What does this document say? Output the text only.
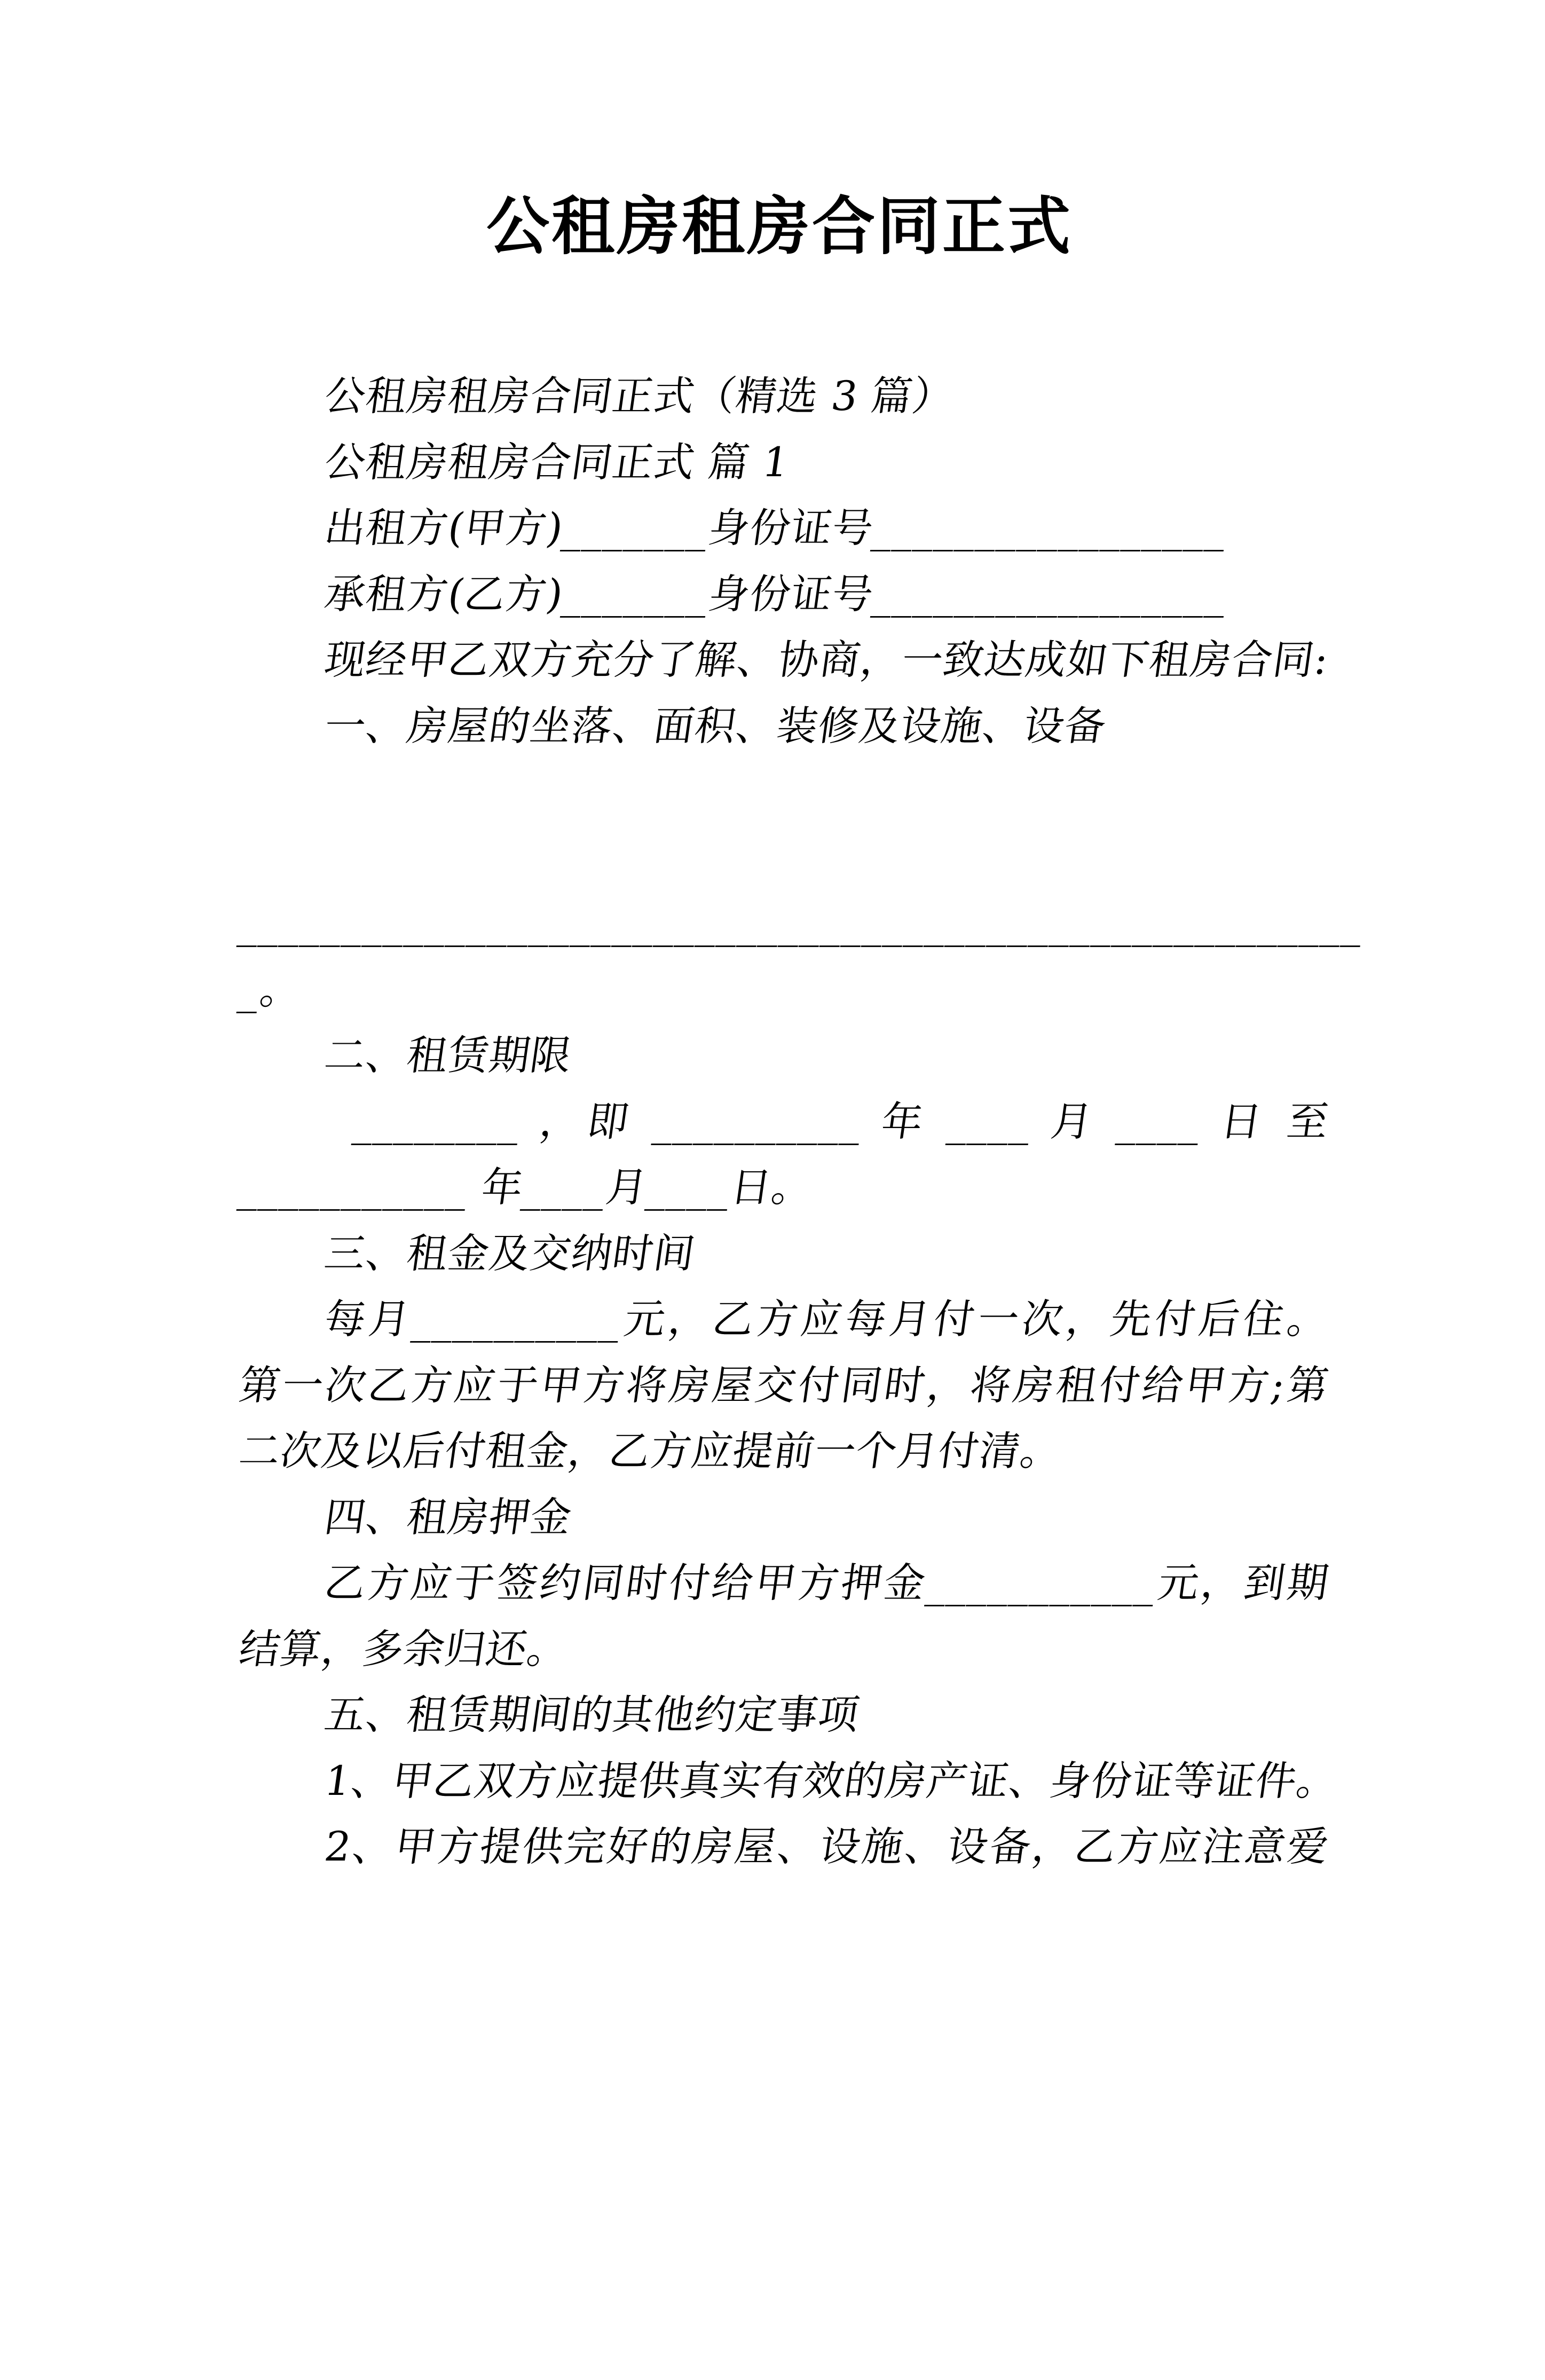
公租房租房合同正式
公租房租房合同正式（精选 3 篇）
公租房租房合同正式 篇 1
出租方(甲方)_______身份证号_________________
承租方(乙方)_______身份证号_________________
现经甲乙双方充分了解、协商，一致达成如下租房合同:
一、房屋的坐落、面积、装修及设施、设备
______________________________________________________
_。
二、租赁期限
________ ，即 __________ 年 ____ 月 ____ 日 至
___________ 年____月____日。
三、租金及交纳时间
每月__________元，乙方应每月付一次，先付后住。
第一次乙方应于甲方将房屋交付同时，将房租付给甲方;第
二次及以后付租金，乙方应提前一个月付清。
四、租房押金
乙方应于签约同时付给甲方押金___________元，到期
结算，多余归还。
五、租赁期间的其他约定事项
1、甲乙双方应提供真实有效的房产证、身份证等证件。
2、甲方提供完好的房屋、设施、设备，乙方应注意爱
